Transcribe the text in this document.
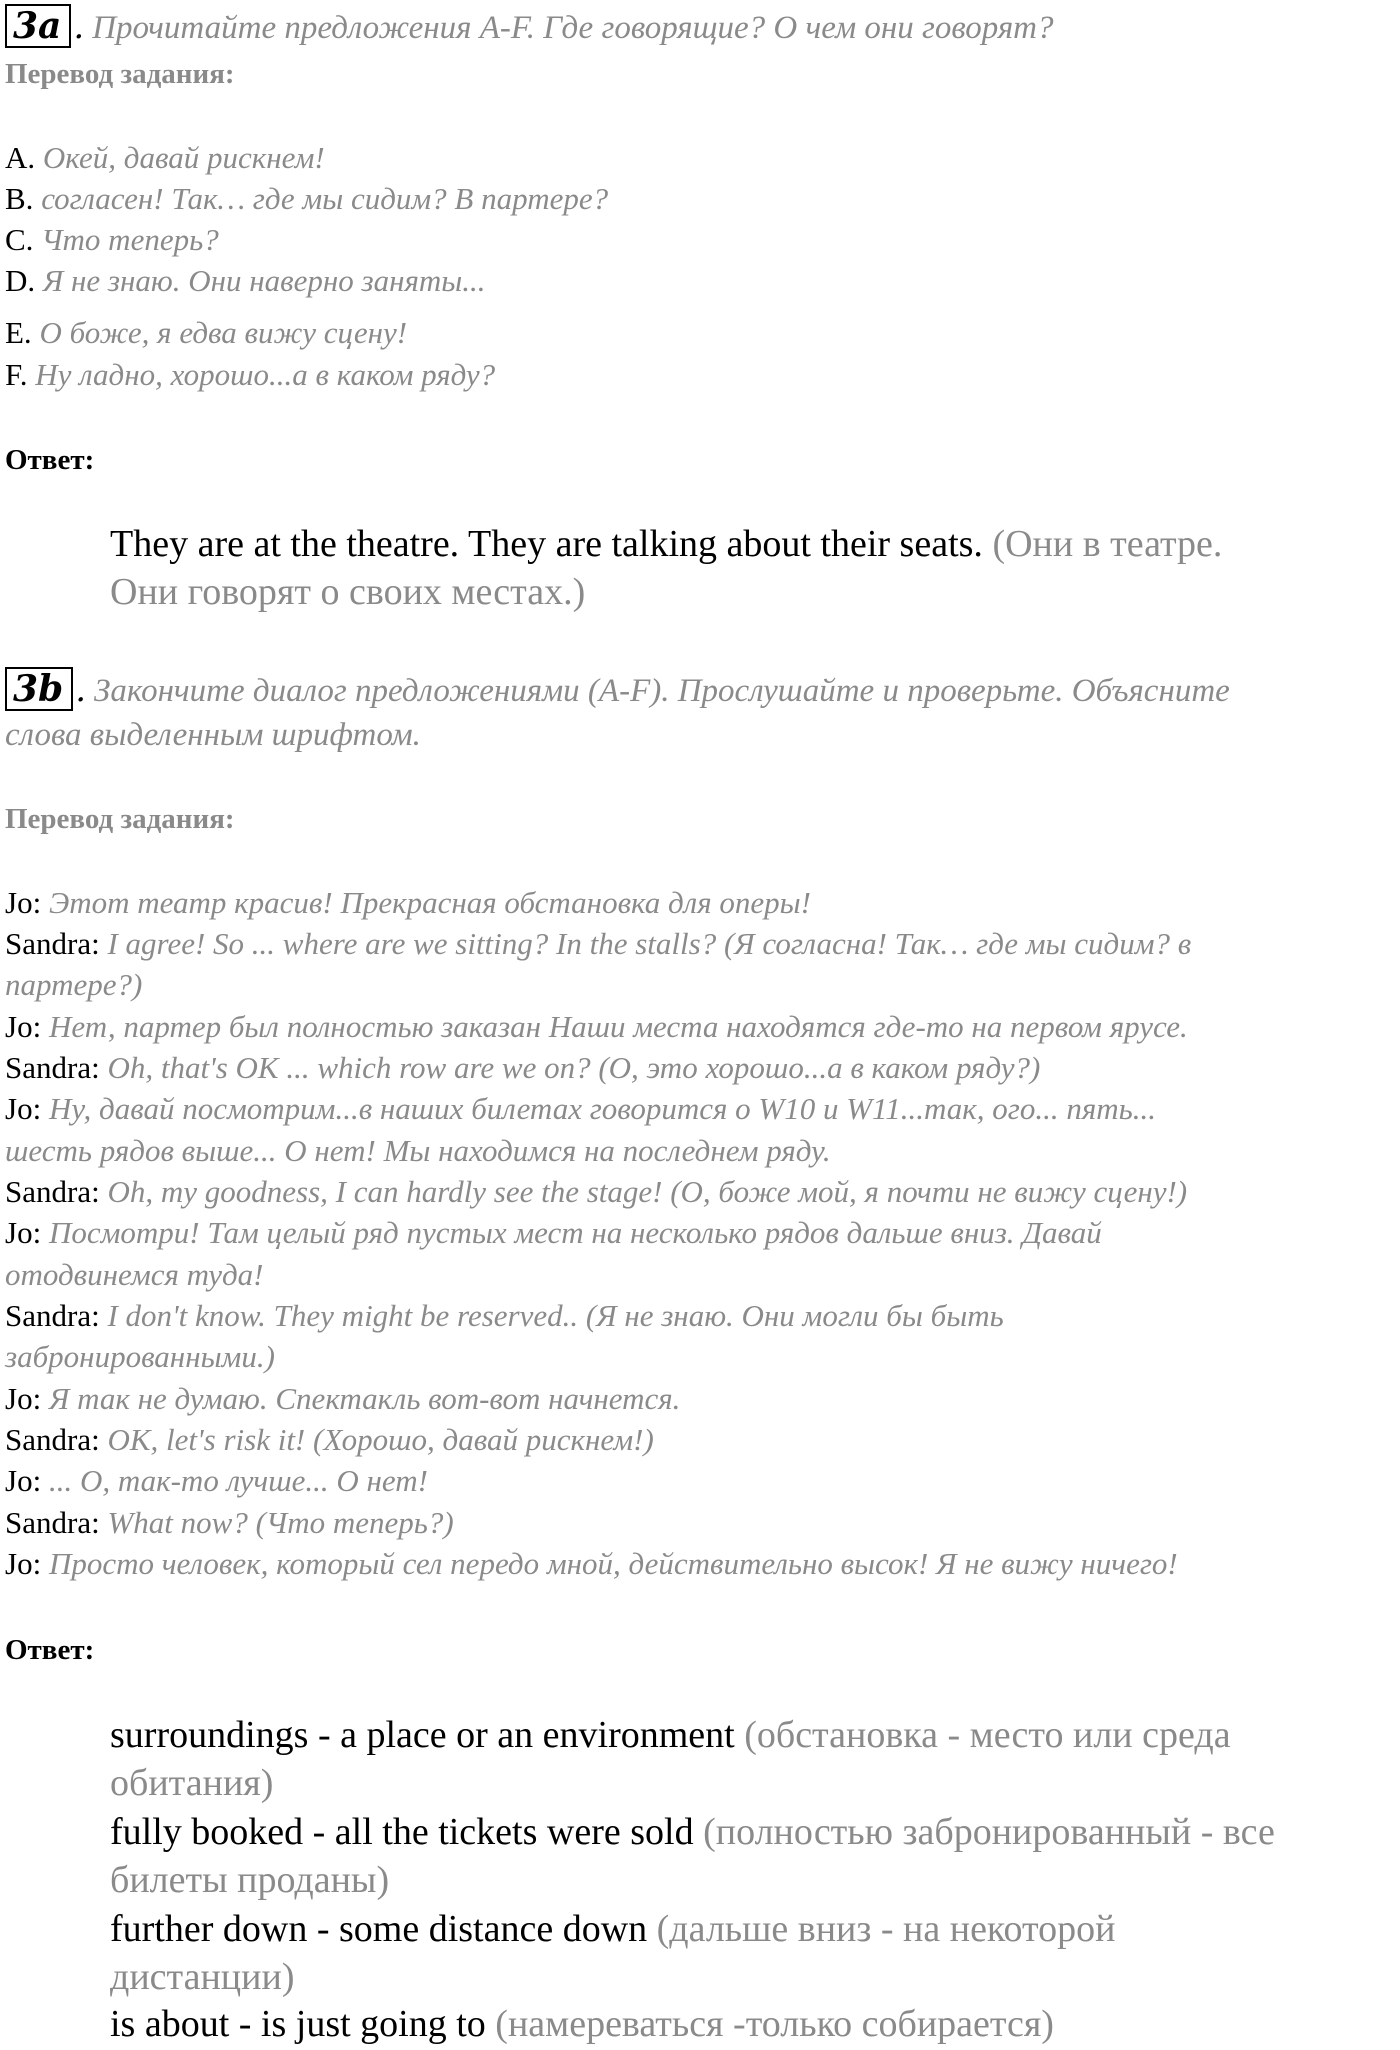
3a . Прочитайте предложения A-F. Где говорящие? О чем они говорят?
Перевод задания:
A. Окей, давай рискнем!
B. согласен! Так… где мы сидим? В партере?
C. Что теперь?
D. Я не знаю. Они наверно заняты...
E. О боже, я едва вижу сцену!
F. Ну ладно, хорошо...а в каком ряду?
Ответ:
They are at the theatre. They are talking about their seats. (Они в театре.
Они говорят о своих местах.)
3b . Закончите диалог предложениями (A-F). Прослушайте и проверьте. Объясните
слова выделенным шрифтом.
Перевод задания:
Jo: Этот театр красив! Прекрасная обстановка для оперы!
Sandra: I agree! So ... where are we sitting? In the stalls? (Я согласна! Так… где мы сидим? в
партере?)
Jo: Нет, партер был полностью заказан Наши места находятся где-то на первом ярусе.
Sandra: Oh, that's OK ... which row are we on? (О, это хорошо...а в каком ряду?)
Jo: Ну, давай посмотрим...в наших билетах говорится о W10 и W11...так, ого... пять...
шесть рядов выше... О нет! Мы находимся на последнем ряду.
Sandra: Oh, my goodness, I can hardly see the stage! (О, боже мой, я почти не вижу сцену!)
Jo: Посмотри! Там целый ряд пустых мест на несколько рядов дальше вниз. Давай
отодвинемся туда!
Sandra: I don't know. They might be reserved.. (Я не знаю. Они могли бы быть
забронированными.)
Jo: Я так не думаю. Спектакль вот-вот начнется.
Sandra: OK, let's risk it! (Хорошо, давай рискнем!)
Jo: ... О, так-то лучше... О нет!
Sandra: What now? (Что теперь?)
Jo: Просто человек, который сел передо мной, действительно высок! Я не вижу ничего!
Ответ:
surroundings - a place or an environment (обстановка - место или среда
обитания)
fully booked - all the tickets were sold (полностью забронированный - все
билеты проданы)
further down - some distance down (дальше вниз - на некоторой
дистанции)
is about - is just going to (намереваться -только собирается)
